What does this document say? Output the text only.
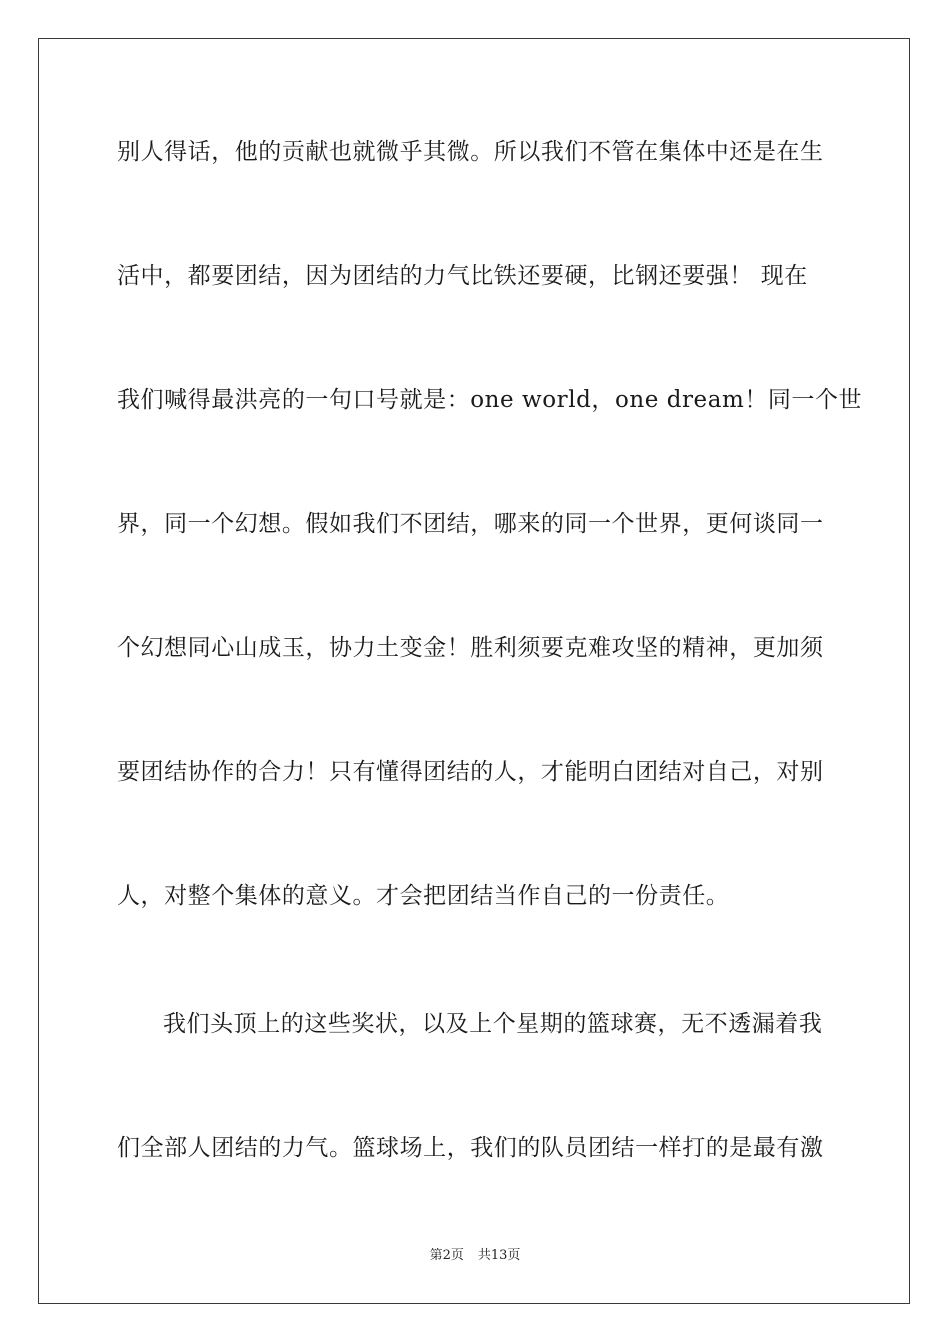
别人得话，他的贡献也就微乎其微。所以我们不管在集体中还是在生
活中，都要团结，因为团结的力气比铁还要硬，比钢还要强！ 现在
我们喊得最洪亮的一句口号就是：one world，one dream！同一个世
界，同一个幻想。假如我们不团结，哪来的同一个世界，更何谈同一
个幻想同心山成玉，协力土变金！胜利须要克难攻坚的精神，更加须
要团结协作的合力！只有懂得团结的人，才能明白团结对自己，对别
人，对整个集体的意义。才会把团结当作自己的一份责任。
我们头顶上的这些奖状，以及上个星期的篮球赛，无不透漏着我
们全部人团结的力气。篮球场上，我们的队员团结一样打的是最有激
第2页 共13页
